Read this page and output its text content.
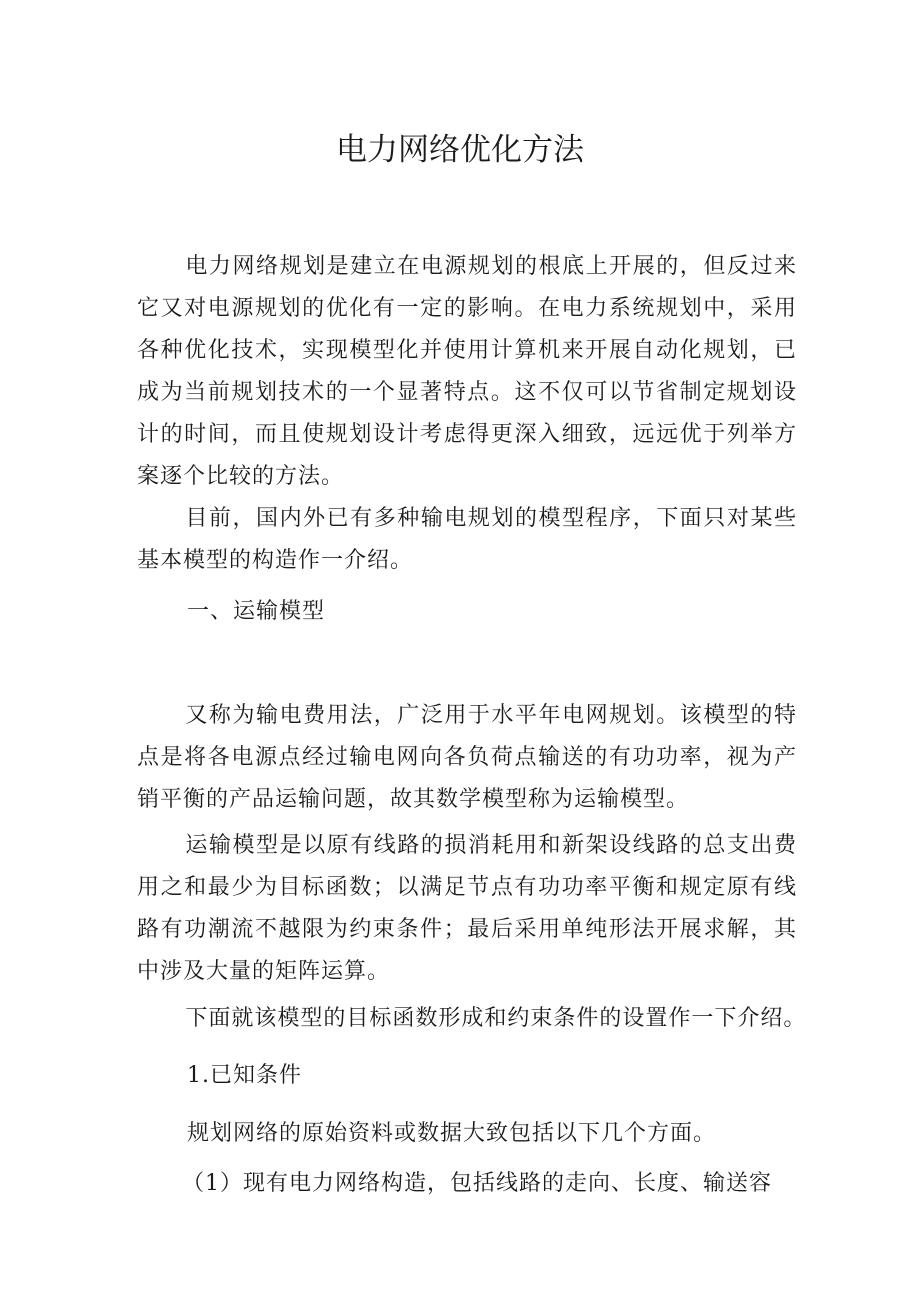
电力网络优化方法

电力网络规划是建立在电源规划的根底上开展的，但反过来它又对电源规划的优化有一定的影响。在电力系统规划中，采用各种优化技术，实现模型化并使用计算机来开展自动化规划，已成为当前规划技术的一个显著特点。这不仅可以节省制定规划设计的时间，而且使规划设计考虑得更深入细致，远远优于列举方案逐个比较的方法。

目前，国内外已有多种输电规划的模型程序，下面只对某些基本模型的构造作一介绍。

一、运输模型

又称为输电费用法，广泛用于水平年电网规划。该模型的特点是将各电源点经过输电网向各负荷点输送的有功功率，视为产销平衡的产品运输问题，故其数学模型称为运输模型。

运输模型是以原有线路的损消耗用和新架设线路的总支出费用之和最少为目标函数；以满足节点有功功率平衡和规定原有线路有功潮流不越限为约束条件；最后采用单纯形法开展求解，其中涉及大量的矩阵运算。

下面就该模型的目标函数形成和约束条件的设置作一下介绍。

1.已知条件

规划网络的原始资料或数据大致包括以下几个方面。

（1）现有电力网络构造，包括线路的走向、长度、输送容
